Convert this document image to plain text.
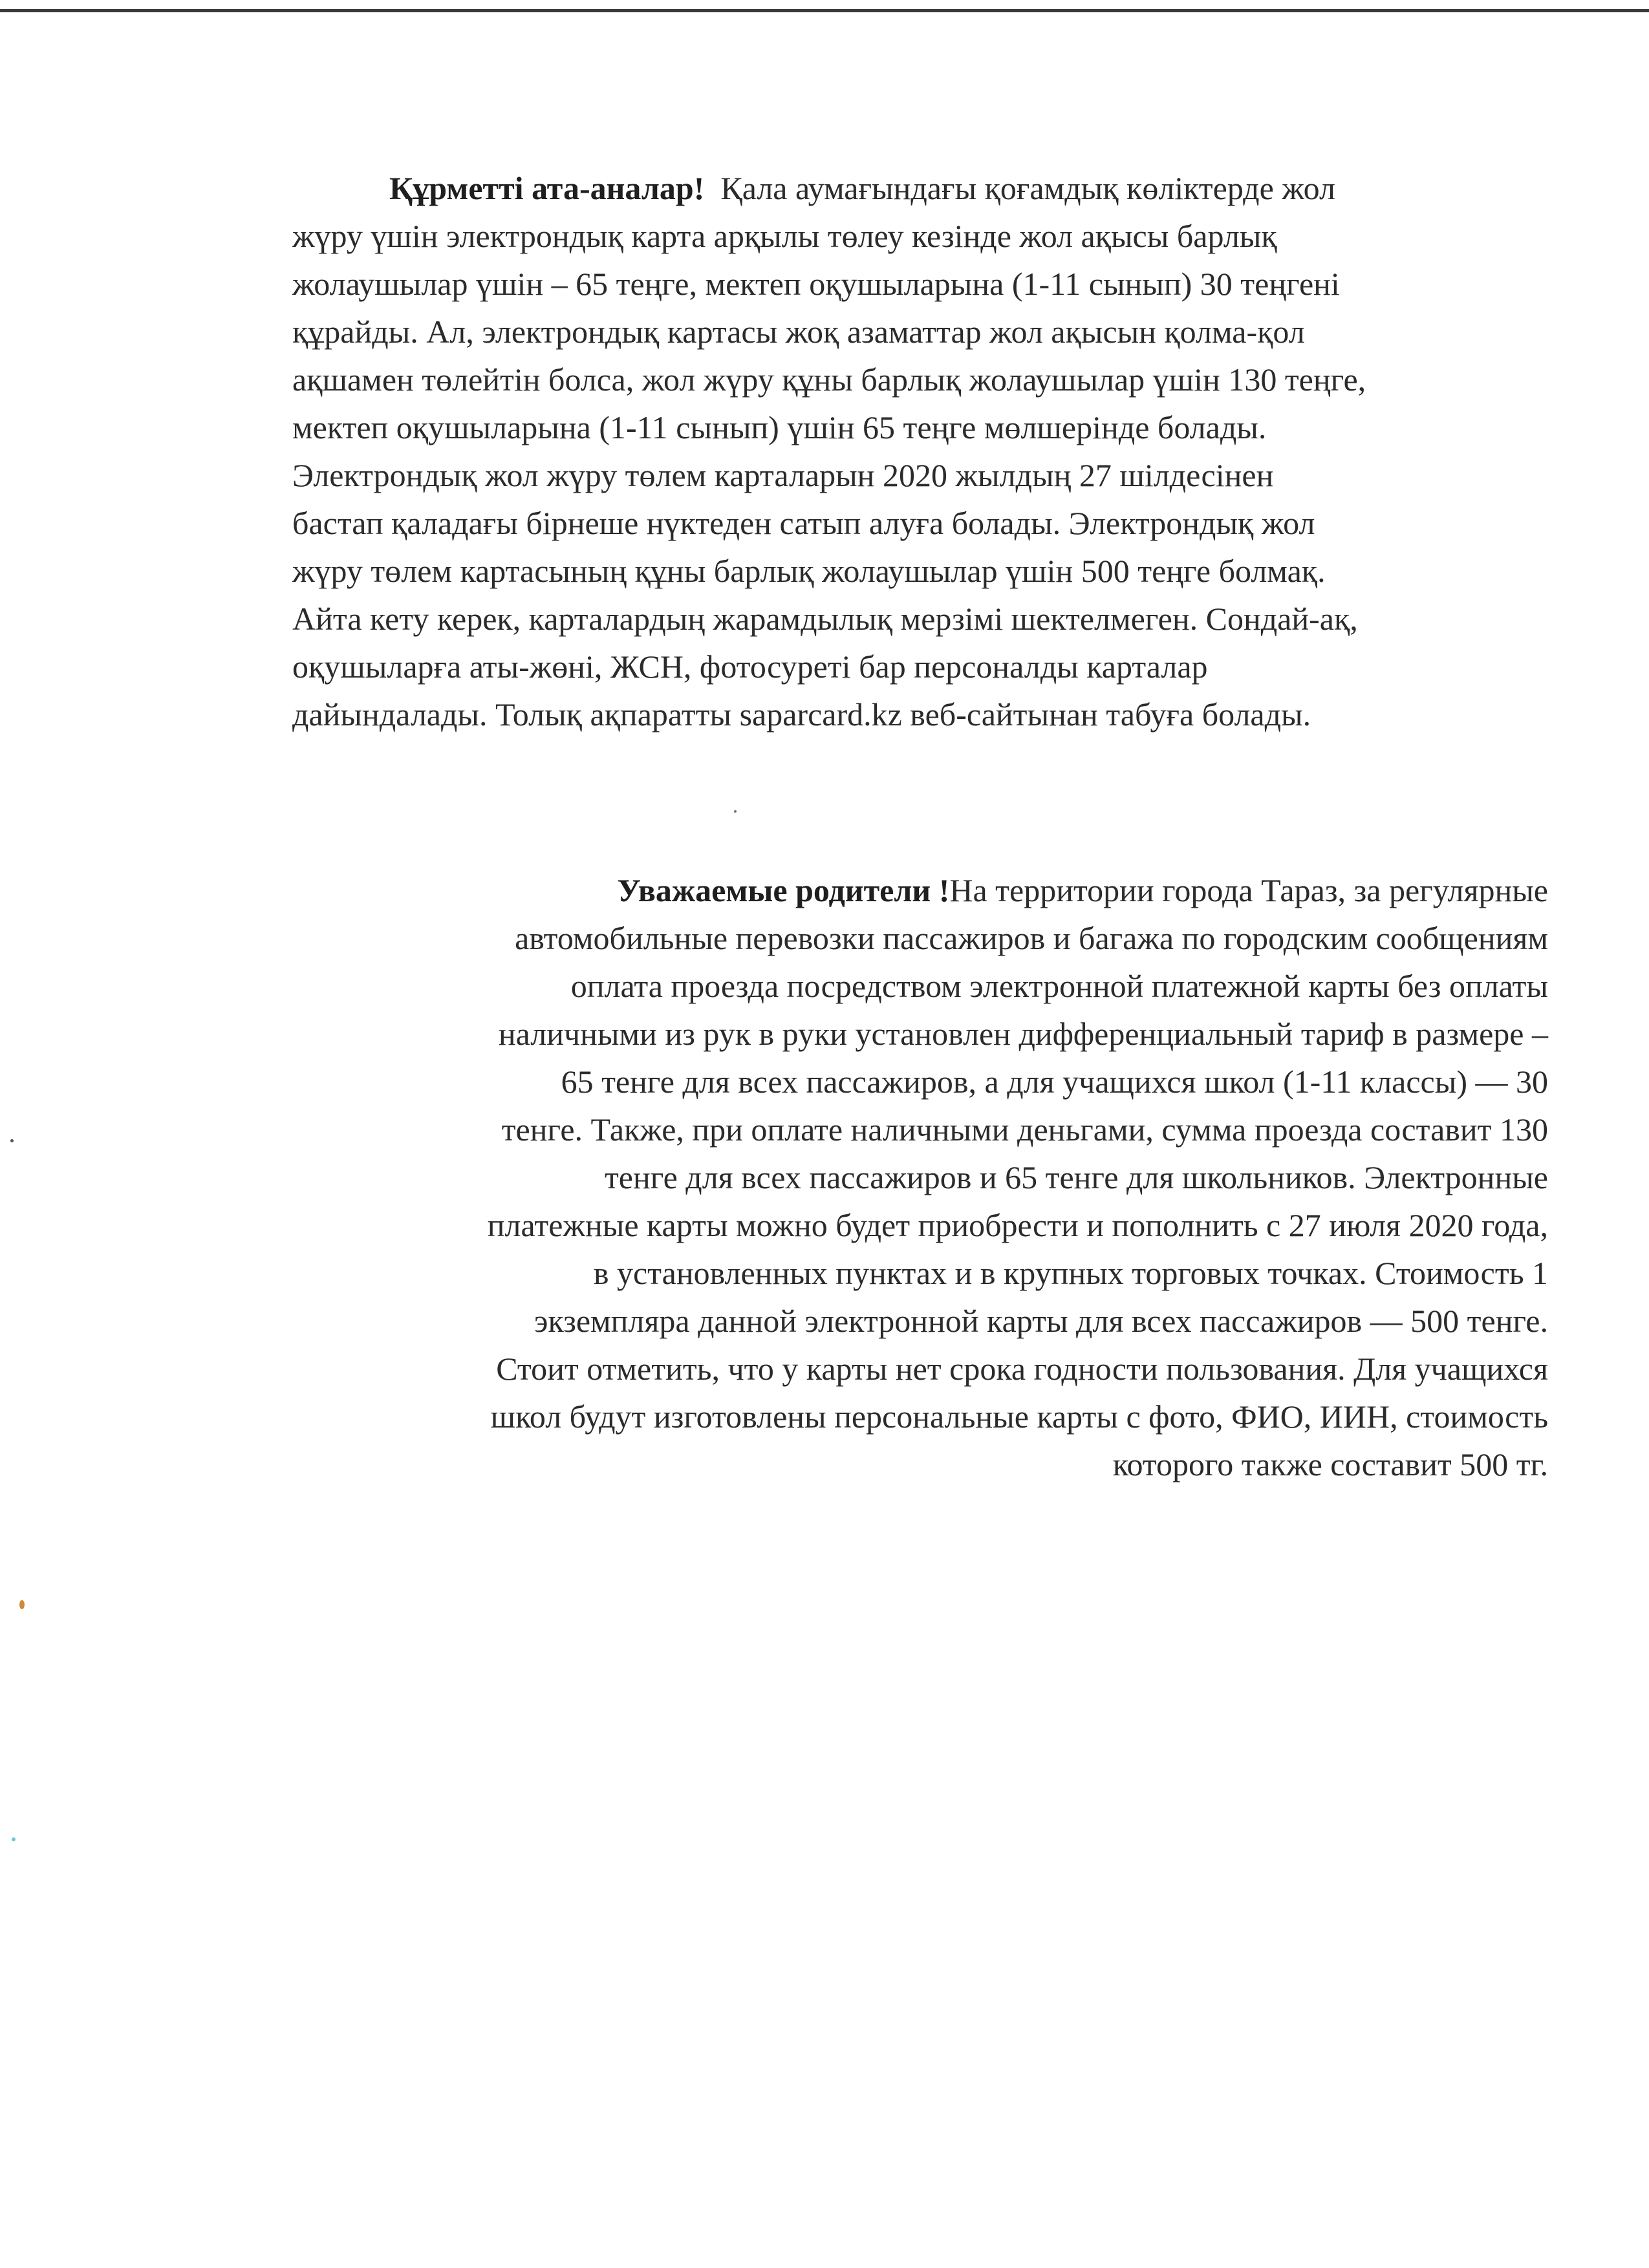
Құрметті ата-аналар! Қала аумағындағы қоғамдық көліктерде жол
жүру үшін электрондық карта арқылы төлеу кезінде жол ақысы барлық
жолаушылар үшін – 65 теңге, мектеп оқушыларына (1-11 сынып) 30 теңгені
құрайды. Ал, электрондық картасы жоқ азаматтар жол ақысын қолма-қол
ақшамен төлейтін болса, жол жүру құны барлық жолаушылар үшін 130 теңге,
мектеп оқушыларына (1-11 сынып) үшін 65 теңге мөлшерінде болады.
Электрондық жол жүру төлем карталарын 2020 жылдың 27 шілдесінен
бастап қаладағы бірнеше нүктеден сатып алуға болады. Электрондық жол
жүру төлем картасының құны барлық жолаушылар үшін 500 теңге болмақ.
Айта кету керек, карталардың жарамдылық мерзімі шектелмеген. Сондай-ақ,
оқушыларға аты-жөні, ЖСН, фотосуреті бар персоналды карталар
дайындалады. Толық ақпаратты saparcard.kz веб-сайтынан табуға болады.
Уважаемые родители !На территории города Тараз, за регулярные
автомобильные перевозки пассажиров и багажа по городским сообщениям
оплата проезда посредством электронной платежной карты без оплаты
наличными из рук в руки установлен дифференциальный тариф в размере –
65 тенге для всех пассажиров, а для учащихся школ (1-11 классы) — 30
тенге. Также, при оплате наличными деньгами, сумма проезда составит 130
тенге для всех пассажиров и 65 тенге для школьников. Электронные
платежные карты можно будет приобрести и пополнить с 27 июля 2020 года,
в установленных пунктах и в крупных торговых точках. Стоимость 1
экземпляра данной электронной карты для всех пассажиров — 500 тенге.
Стоит отметить, что у карты нет срока годности пользования. Для учащихся
школ будут изготовлены персональные карты с фото, ФИО, ИИН, стоимость
которого также составит 500 тг.
